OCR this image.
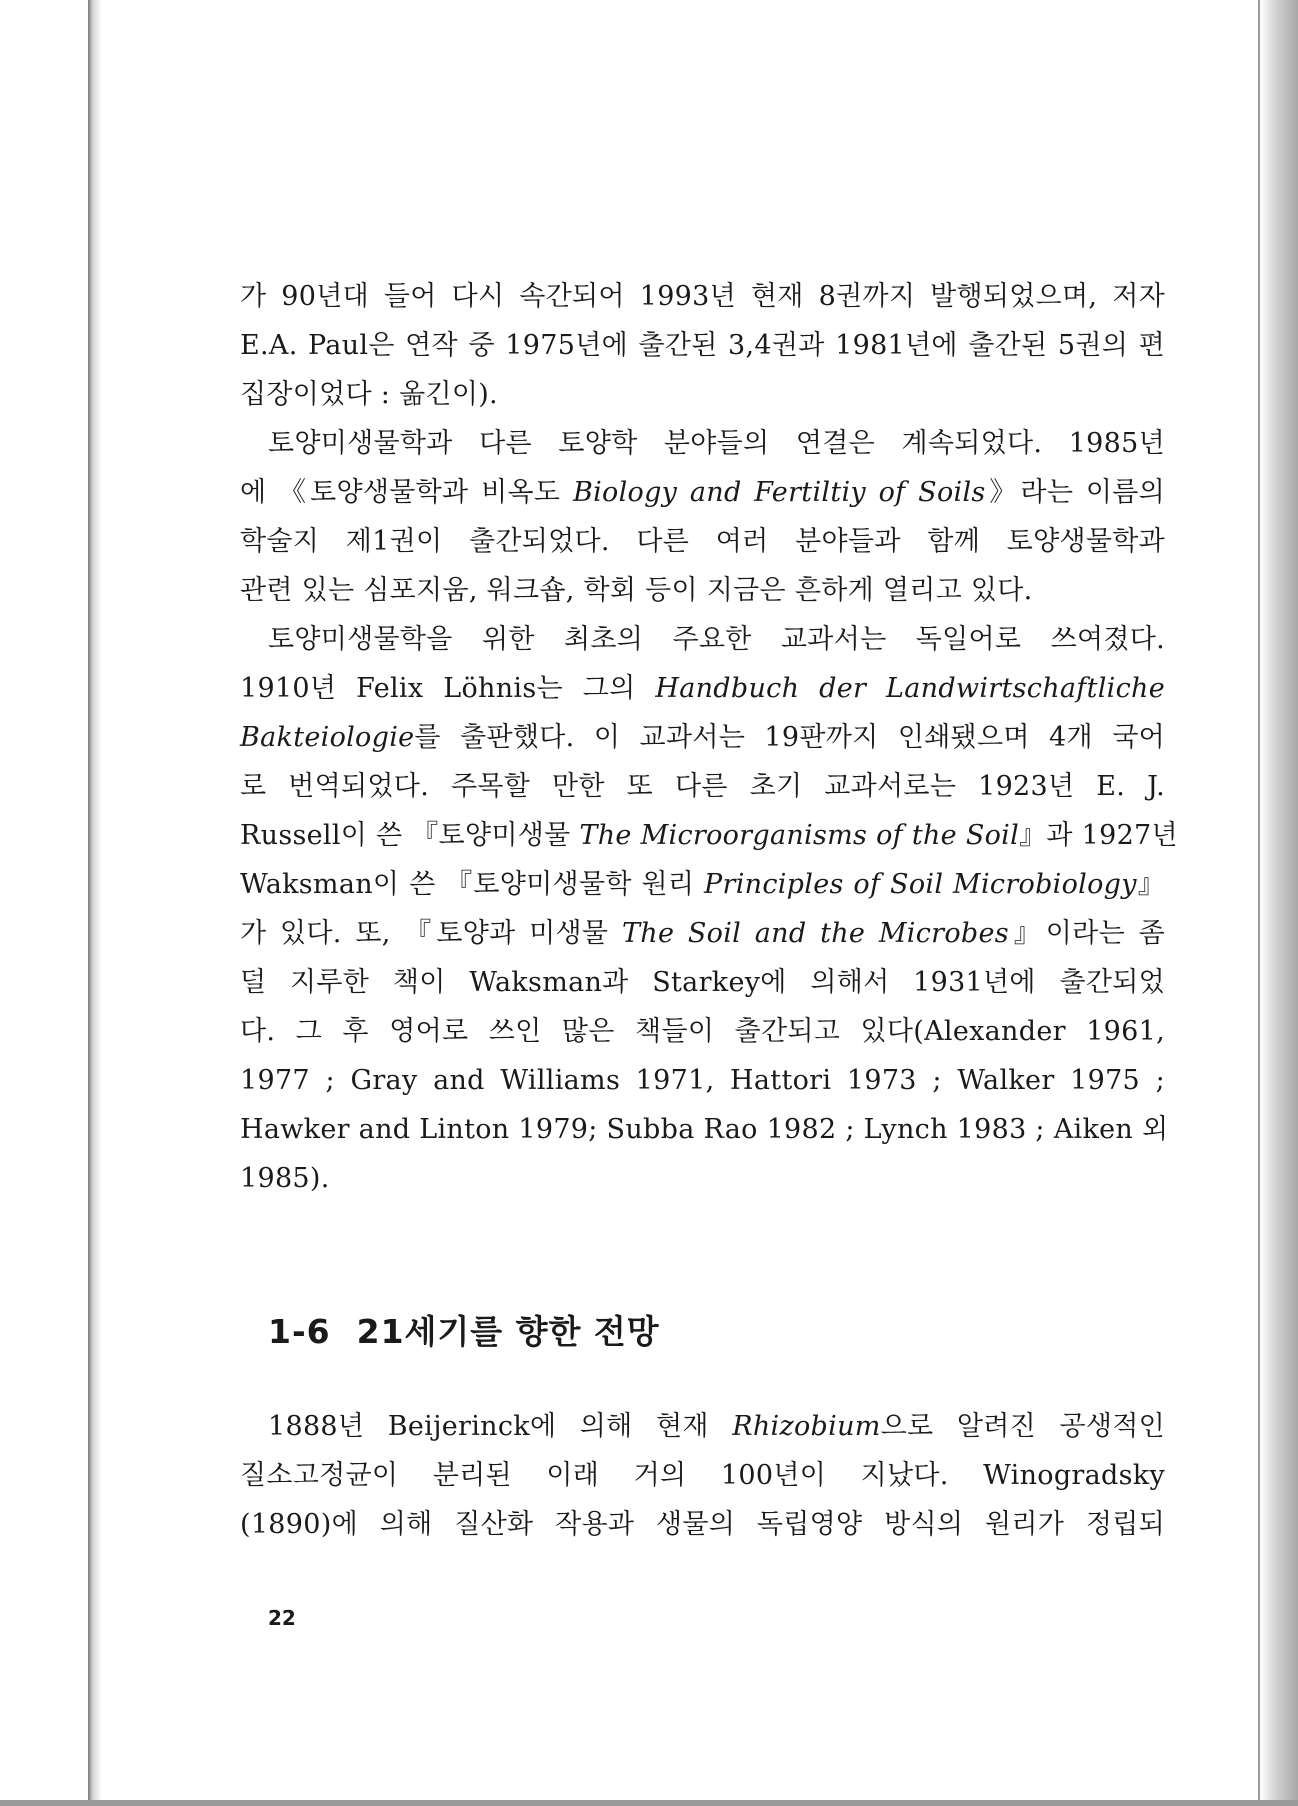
가 90년대 들어 다시 속간되어 1993년 현재 8권까지 발행되었으며, 저자
E.A. Paul은 연작 중 1975년에 출간된 3,4권과 1981년에 출간된 5권의 편
집장이었다 : 옮긴이).

토양미생물학과 다른 토양학 분야들의 연결은 계속되었다. 1985년
에 《토양생물학과 비옥도 Biology and Fertiltiy of Soils》라는 이름의
학술지 제1권이 출간되었다. 다른 여러 분야들과 함께 토양생물학과
관련 있는 심포지움, 워크숍, 학회 등이 지금은 흔하게 열리고 있다.

토양미생물학을 위한 최초의 주요한 교과서는 독일어로 쓰여졌다.
1910년 Felix Löhnis는 그의 Handbuch der Landwirtschaftliche
Bakteiologie를 출판했다. 이 교과서는 19판까지 인쇄됐으며 4개 국어
로 번역되었다. 주목할 만한 또 다른 초기 교과서로는 1923년 E. J.
Russell이 쓴 『토양미생물 The Microorganisms of the Soil』과 1927년
Waksman이 쓴 『토양미생물학 원리 Principles of Soil Microbiology』
가 있다. 또, 『토양과 미생물 The Soil and the Microbes』이라는 좀
덜 지루한 책이 Waksman과 Starkey에 의해서 1931년에 출간되었
다. 그 후 영어로 쓰인 많은 책들이 출간되고 있다(Alexander 1961,
1977 ; Gray and Williams 1971, Hattori 1973 ; Walker 1975 ;
Hawker and Linton 1979; Subba Rao 1982 ; Lynch 1983 ; Aiken 외
1985).

1-6 21세기를 향한 전망

1888년 Beijerinck에 의해 현재 Rhizobium으로 알려진 공생적인
질소고정균이 분리된 이래 거의 100년이 지났다. Winogradsky
(1890)에 의해 질산화 작용과 생물의 독립영양 방식의 원리가 정립되

22
